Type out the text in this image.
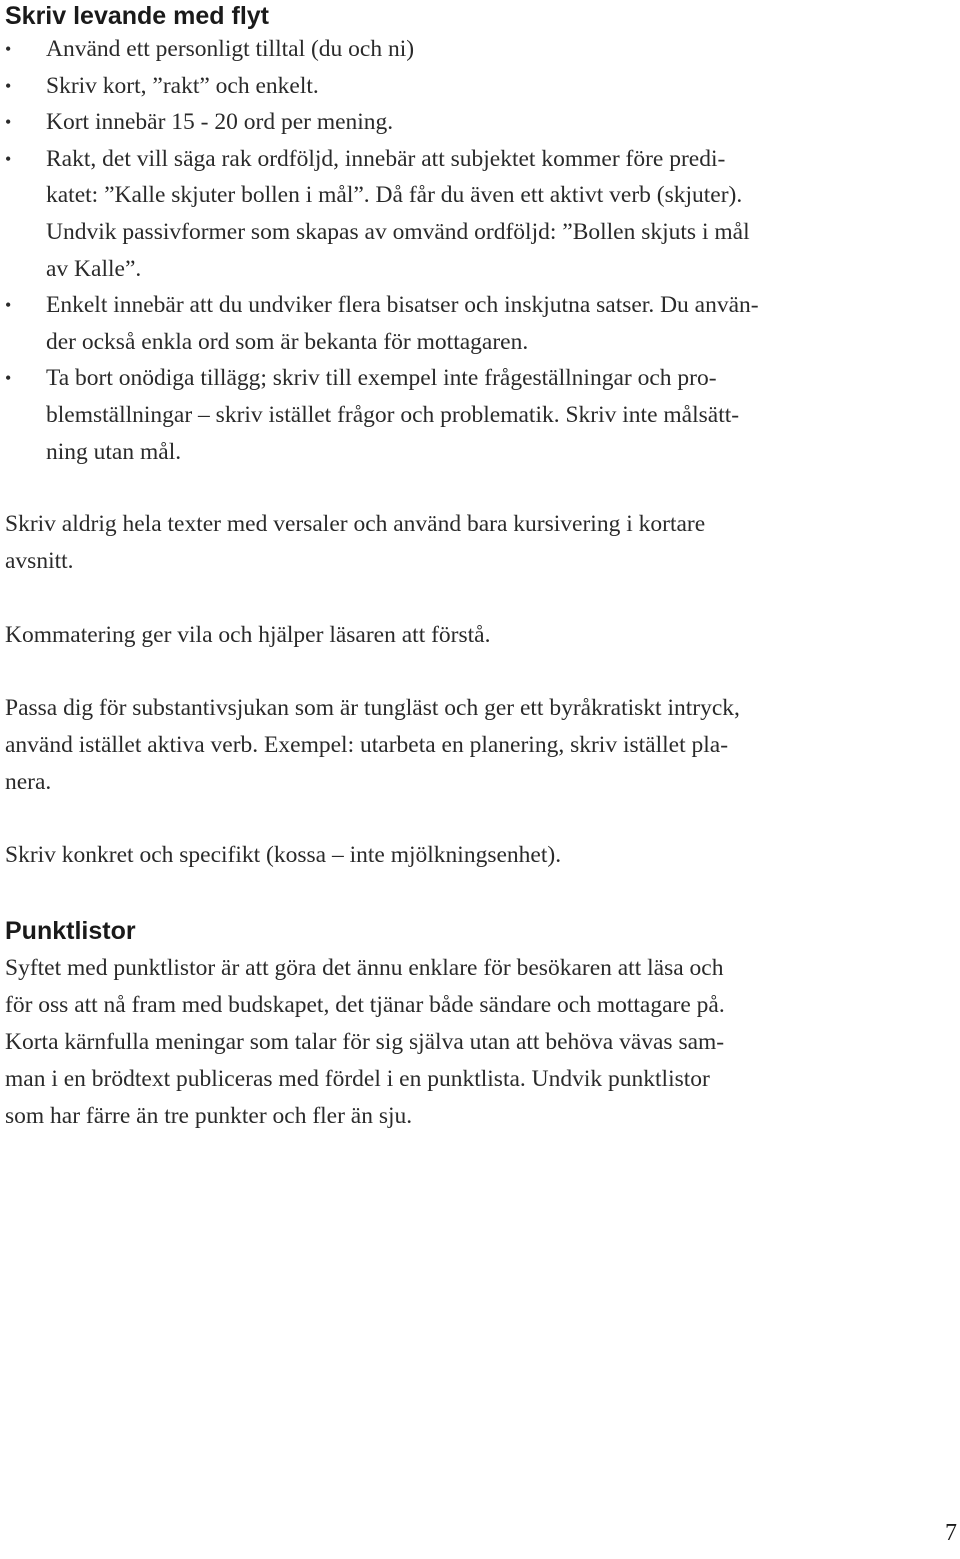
Skriv levande med flyt
• Använd ett personligt tilltal (du och ni)
• Skriv kort, ”rakt” och enkelt.
• Kort innebär 15 - 20 ord per mening.
• Rakt, det vill säga rak ordföljd, innebär att subjektet kommer före predi-
katet: ”Kalle skjuter bollen i mål”. Då får du även ett aktivt verb (skjuter).
Undvik passivformer som skapas av omvänd ordföljd: ”Bollen skjuts i mål
av Kalle”.
• Enkelt innebär att du undviker flera bisatser och inskjutna satser. Du använ-
der också enkla ord som är bekanta för mottagaren.
• Ta bort onödiga tillägg; skriv till exempel inte frågeställningar och pro-
blemställningar – skriv istället frågor och problematik. Skriv inte målsätt-
ning utan mål.

Skriv aldrig hela texter med versaler och använd bara kursivering i kortare
avsnitt.

Kommatering ger vila och hjälper läsaren att förstå.

Passa dig för substantivsjukan som är tungläst och ger ett byråkratiskt intryck,
använd istället aktiva verb. Exempel: utarbeta en planering, skriv istället pla-
nera.

Skriv konkret och specifikt (kossa – inte mjölkningsenhet).

Punktlistor

Syftet med punktlistor är att göra det ännu enklare för besökaren att läsa och
för oss att nå fram med budskapet, det tjänar både sändare och mottagare på.
Korta kärnfulla meningar som talar för sig själva utan att behöva vävas sam-
man i en brödtext publiceras med fördel i en punktlista. Undvik punktlistor
som har färre än tre punkter och fler än sju.

7
